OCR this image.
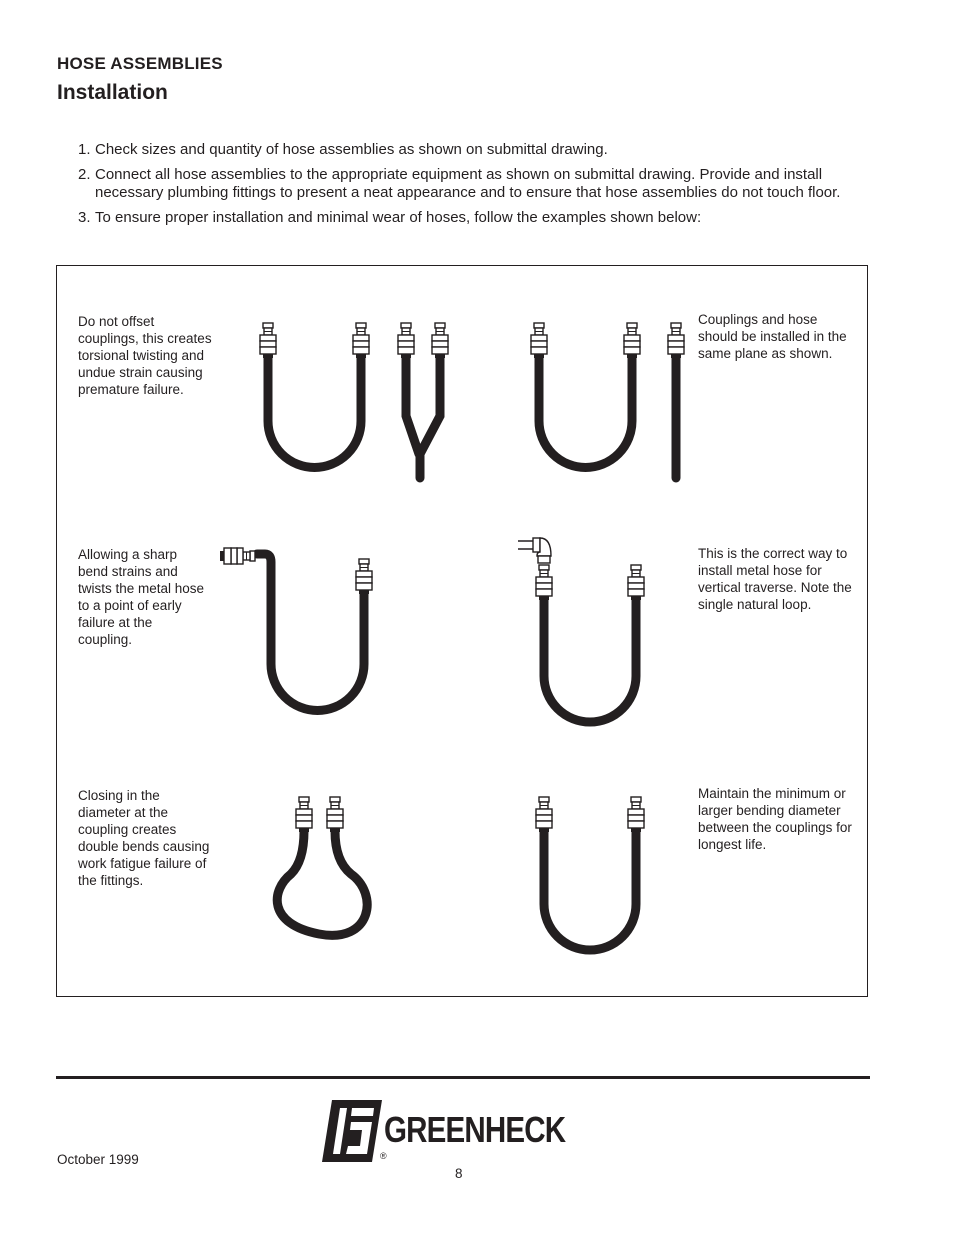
HOSE ASSEMBLIES
Installation
1. Check sizes and quantity of hose assemblies as shown on submittal drawing.
2. Connect all hose assemblies to the appropriate equipment as shown on submittal drawing. Provide and install necessary plumbing fittings to present a neat appearance and to ensure that hose assemblies do not touch floor.
3. To ensure proper installation and minimal wear of hoses, follow the examples shown below:
Do not offset couplings, this creates torsional twisting and undue strain causing premature failure.
Couplings and hose should be installed in the same plane as shown.
Allowing a sharp bend strains and twists the metal hose to a point of early failure at the coupling.
This is the correct way to install metal hose for vertical traverse. Note the single natural loop.
Closing in the diameter at the coupling creates double bends causing work fatigue failure of the fittings.
Maintain the minimum or larger bending diameter between the couplings for longest life.
GREENHECK
®
October 1999
8
